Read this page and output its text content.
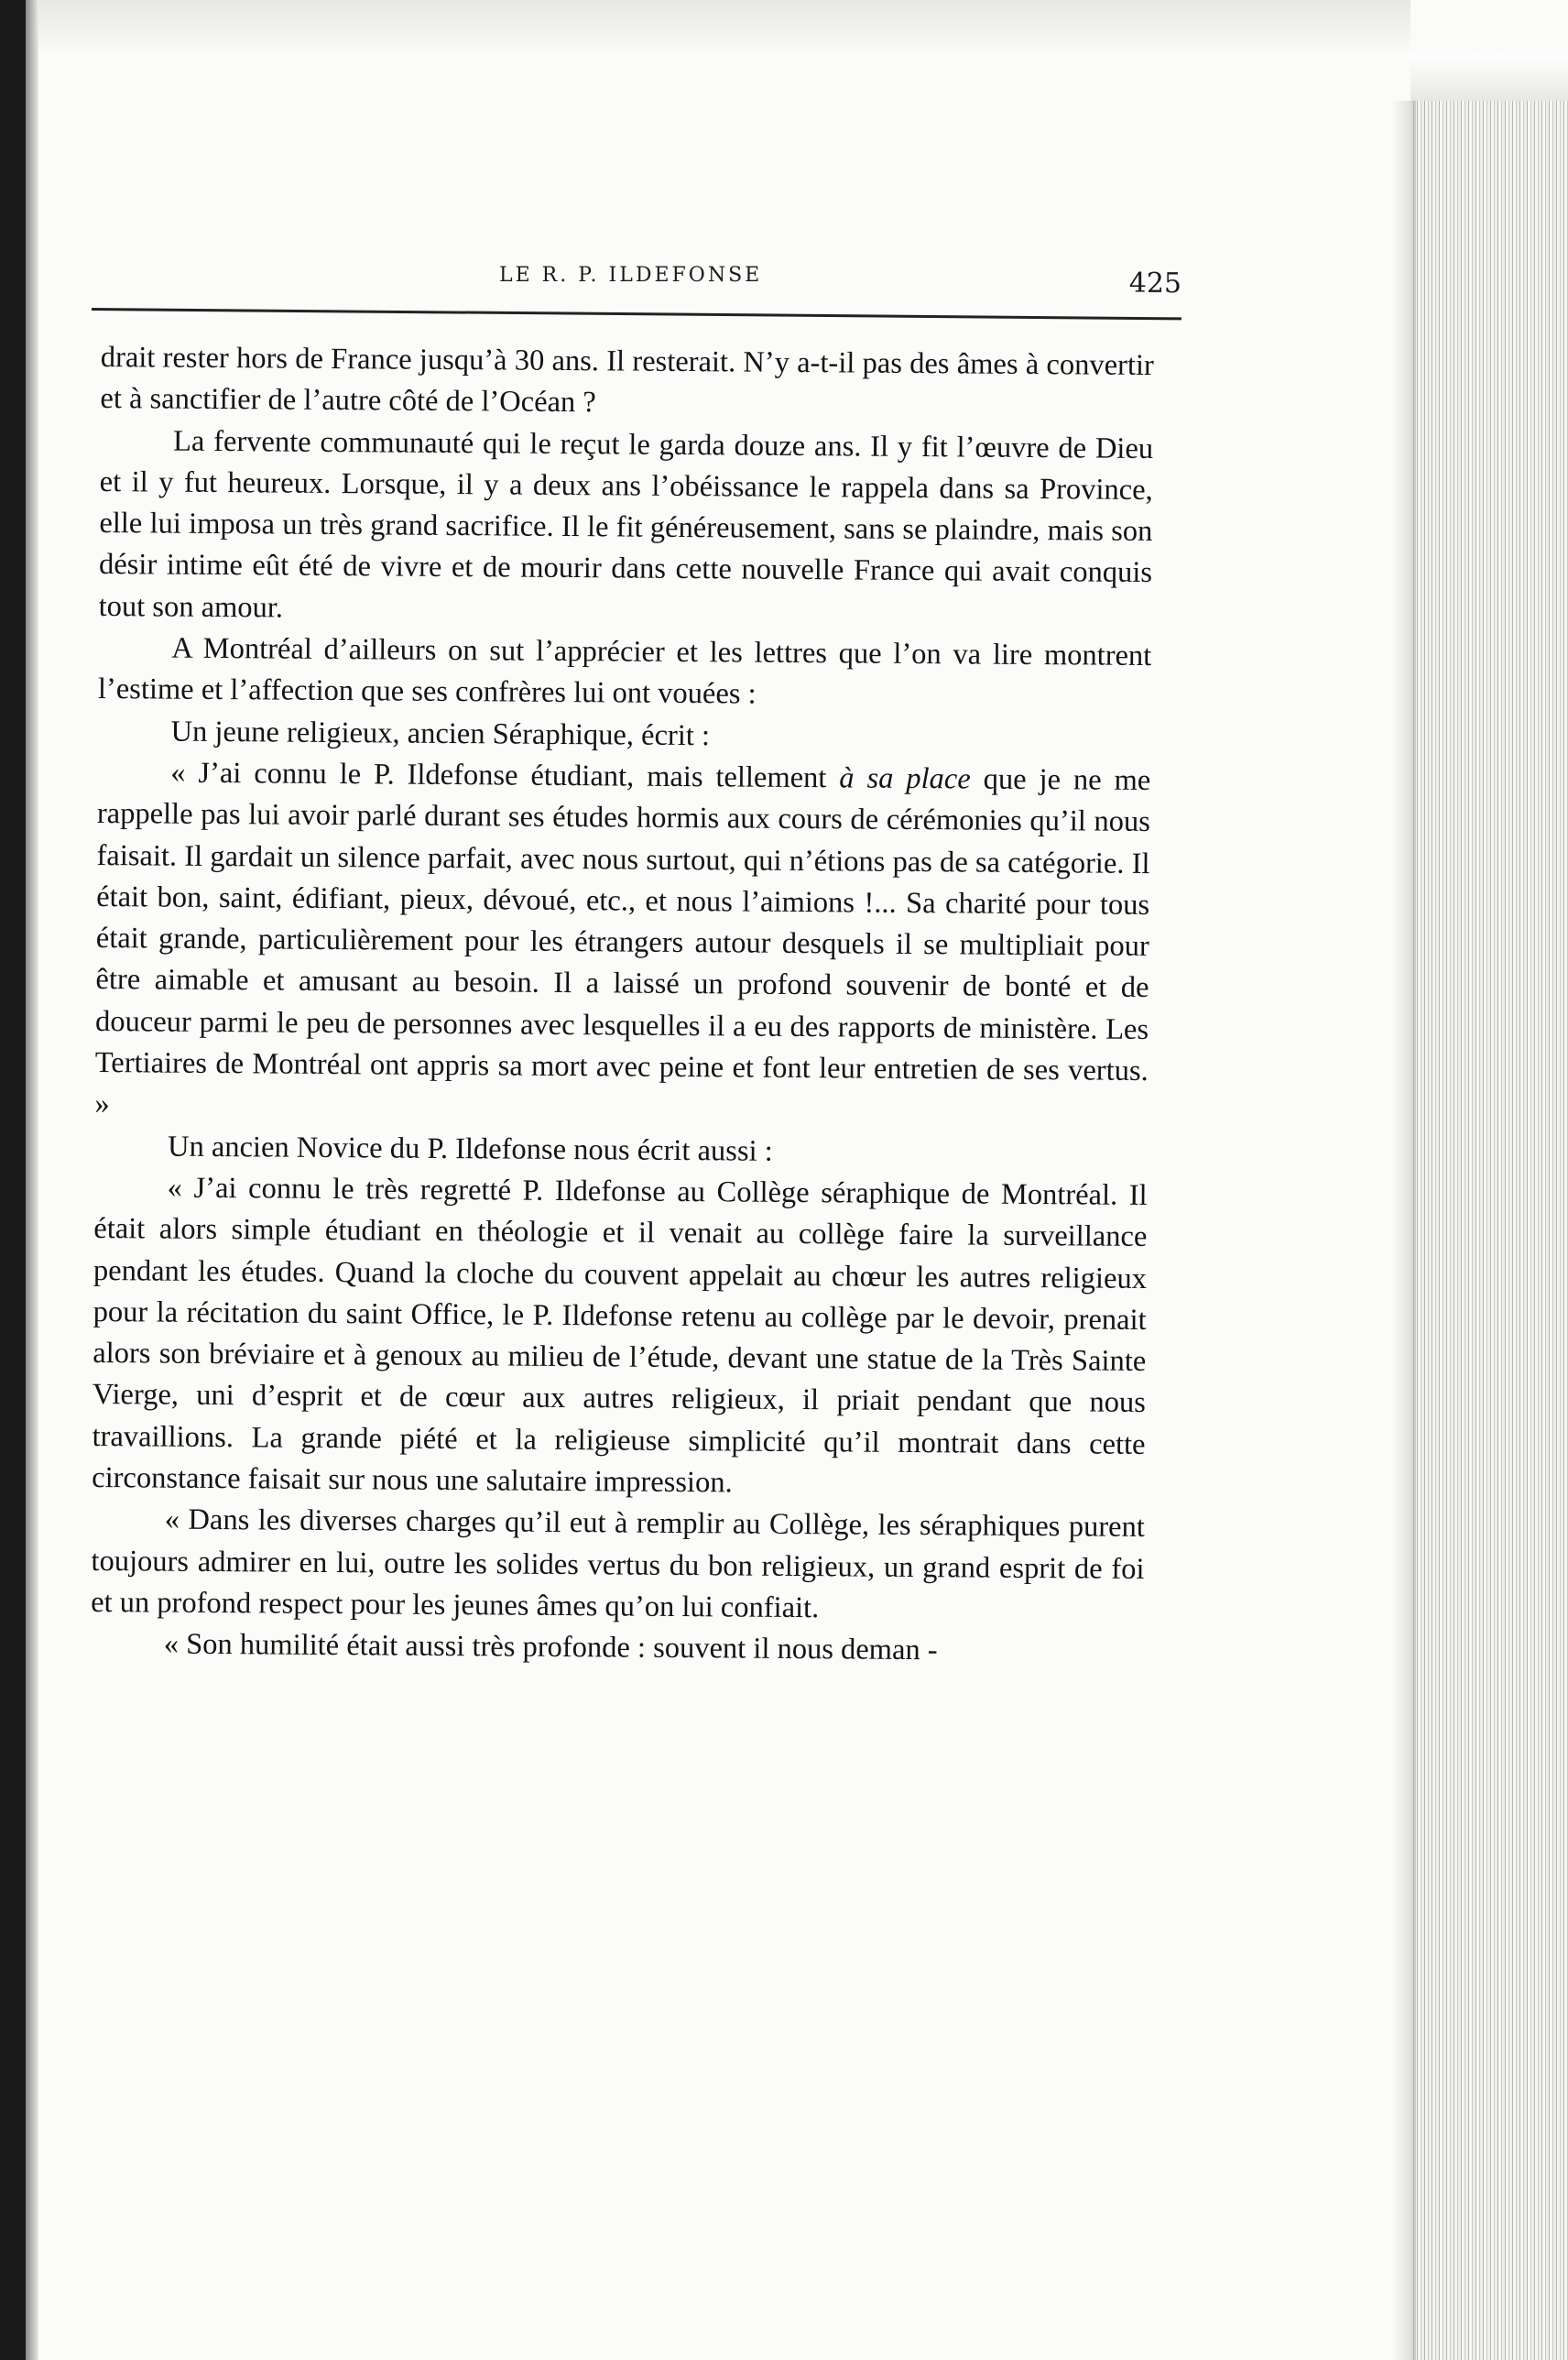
LE R. P. ILDEFONSE	425

drait rester hors de France jusqu’à 30 ans. Il resterait. N’y a-t-il pas des âmes à convertir et à sanctifier de l’autre côté de l’Océan ?

La fervente communauté qui le reçut le garda douze ans. Il y fit l’œuvre de Dieu et il y fut heureux. Lorsque, il y a deux ans l’obéissance le rappela dans sa Province, elle lui imposa un très grand sacrifice. Il le fit généreusement, sans se plaindre, mais son désir intime eût été de vivre et de mourir dans cette nouvelle France qui avait conquis tout son amour.

A Montréal d’ailleurs on sut l’apprécier et les lettres que l’on va lire montrent l’estime et l’affection que ses confrères lui ont vouées :

Un jeune religieux, ancien Séraphique, écrit :

« J’ai connu le P. Ildefonse étudiant, mais tellement à sa place que je ne me rappelle pas lui avoir parlé durant ses études hormis aux cours de cérémonies qu’il nous faisait. Il gardait un silence parfait, avec nous surtout, qui n’étions pas de sa catégorie. Il était bon, saint, édifiant, pieux, dévoué, etc., et nous l’aimions !... Sa charité pour tous était grande, particulièrement pour les étrangers autour desquels il se multipliait pour être aimable et amusant au besoin. Il a laissé un profond souvenir de bonté et de douceur parmi le peu de personnes avec lesquelles il a eu des rapports de ministère. Les Tertiaires de Montréal ont appris sa mort avec peine et font leur entretien de ses vertus. »

Un ancien Novice du P. Ildefonse nous écrit aussi :

« J’ai connu le très regretté P. Ildefonse au Collège séraphique de Montréal. Il était alors simple étudiant en théologie et il venait au collège faire la surveillance pendant les études. Quand la cloche du couvent appelait au chœur les autres religieux pour la récitation du saint Office, le P. Ildefonse retenu au collège par le devoir, prenait alors son bréviaire et à genoux au milieu de l’étude, devant une statue de la Très Sainte Vierge, uni d’esprit et de cœur aux autres religieux, il priait pendant que nous travaillions. La grande piété et la religieuse simplicité qu’il montrait dans cette circonstance faisait sur nous une salutaire impression.

« Dans les diverses charges qu’il eut à remplir au Collège, les séraphiques purent toujours admirer en lui, outre les solides vertus du bon religieux, un grand esprit de foi et un profond respect pour les jeunes âmes qu’on lui confiait.

« Son humilité était aussi très profonde : souvent il nous deman -
